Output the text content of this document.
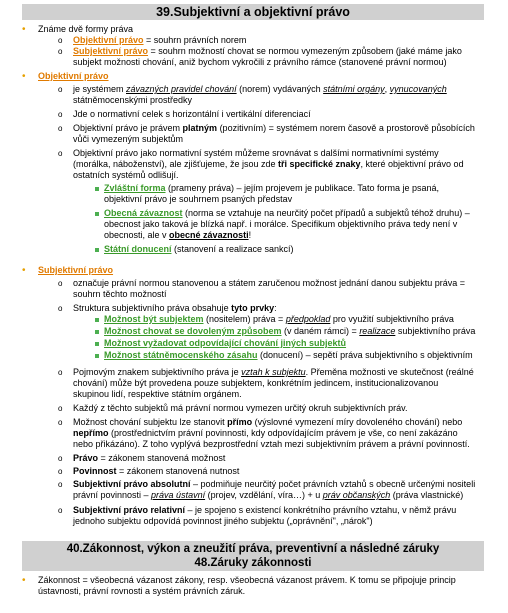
39.Subjektivní a objektivní právo
• Známe dvě formy práva
o Objektivní právo = souhrn právních norem
o Subjektivní právo = souhrn možností chovat se normou vymezeným způsobem (jaké máme jako
subjekt možnosti chování, aniž bychom vykročili z právního rámce (stanovené právní normou)
• Objektivní právo
o je systémem závazných pravidel chování (norem) vydávaných státními orgány, vynucovaných
státněmocenskými prostředky
o Jde o normativní celek s horizontální i vertikální diferenciací
o Objektivní právo je právem platným (pozitivním) = systémem norem časově a prostorově působících
vůči vymezeným subjektům
o Objektivní právo jako normativní systém můžeme srovnávat s dalšími normativními systémy
(morálka, náboženství), ale zjišťujeme, že jsou zde tři specifické znaky, které objektivní právo od
ostatních systémů odlišují.
Zvláštní forma (prameny práva) – jejím projevem je publikace. Tato forma je psaná,
objektivní právo je souhrnem psaných představ
Obecná závaznost (norma se vztahuje na neurčitý počet případů a subjektů téhož druhu) –
obecnost jako taková je blízká např. i morálce. Specifikum objektivního práva tedy není v
obecnosti, ale v obecné závaznosti!
Státní donucení (stanovení a realizace sankcí)
• Subjektivní právo
o označuje právní normou stanovenou a státem zaručenou možnost jednání danou subjektu práva =
souhrn těchto možností
o Struktura subjektivního práva obsahuje tyto prvky:
Možnost být subjektem (nositelem) práva = předpoklad pro využití subjektivního práva
Možnost chovat se dovoleným způsobem (v daném rámci) = realizace subjektivního práva
Možnost vyžadovat odpovídající chování jiných subjektů
Možnost státněmocenského zásahu (donucení) – sepětí práva subjektivního s objektivním
o Pojmovým znakem subjektivního práva je vztah k subjektu. Přeměna možnosti ve skutečnost (reálné
chování) může být provedena pouze subjektem, konkrétním jedincem, institucionalizovanou
skupinou lidí, respektive státním orgánem.
o Každý z těchto subjektů má právní normou vymezen určitý okruh subjektivních práv.
o Možnost chování subjektu lze stanovit přímo (výslovné vymezení míry dovoleného chování) nebo
nepřímo (prostřednictvím právní povinnosti, kdy odpovídajícím právem je vše, co není zakázáno
nebo přikázáno). Z toho vyplývá bezprostřední vztah mezi subjektivním právem a právní povinností.
o Právo = zákonem stanovená možnost
o Povinnost = zákonem stanovená nutnost
o Subjektivní právo absolutní – podmiňuje neurčitý počet právních vztahů s obecně určenými nositeli
právní povinnosti – práva ústavní (projev, vzdělání, víra…) + u práv občanských (práva vlastnické)
o Subjektivní právo relativní – je spojeno s existencí konkrétního právního vztahu, v němž právu
jednoho subjektu odpovídá povinnost jiného subjektu („oprávnění", „nárok")
• Zákonnost = všeobecná vázanost zákony, resp. všeobecná vázanost právem. K tomu se připojuje princip
ústavnosti, právní rovnosti a systém právních záruk.
40.Zákonnost, výkon a zneužití práva, preventivní a následné záruky
48.Záruky zákonnosti
